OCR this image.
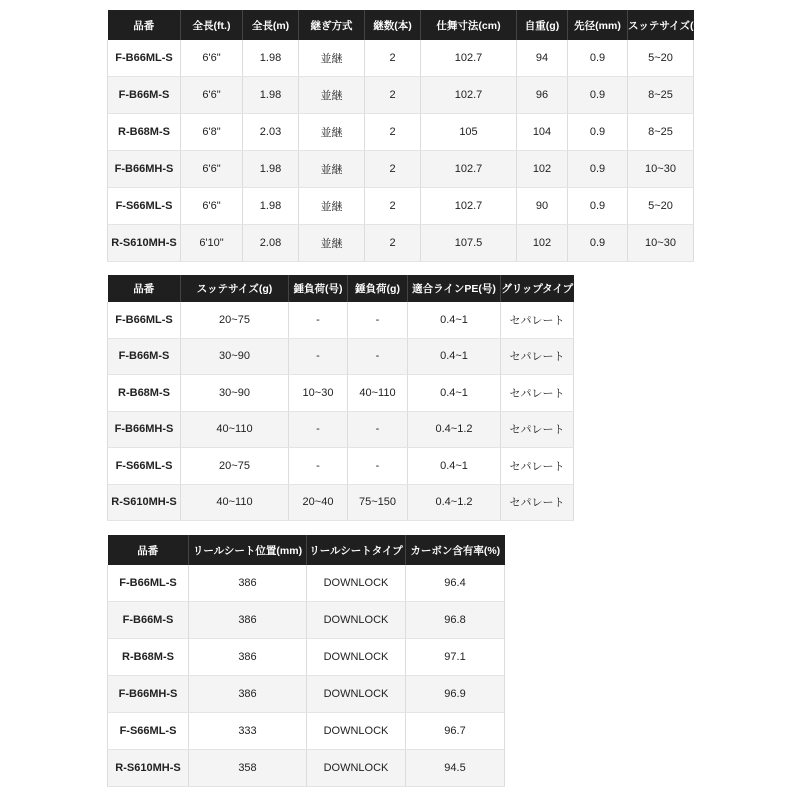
品番	全長(ft.)	全長(m)	継ぎ方式	継数(本)	仕舞寸法(cm)	自重(g)	先径(mm)	スッテサイズ(号)
F-B66ML-S	6'6"	1.98	並継	2	102.7	94	0.9	5~20
F-B66M-S	6'6"	1.98	並継	2	102.7	96	0.9	8~25
R-B68M-S	6'8"	2.03	並継	2	105	104	0.9	8~25
F-B66MH-S	6'6"	1.98	並継	2	102.7	102	0.9	10~30
F-S66ML-S	6'6"	1.98	並継	2	102.7	90	0.9	5~20
R-S610MH-S	6'10"	2.08	並継	2	107.5	102	0.9	10~30
品番	スッテサイズ(g)	錘負荷(号)	錘負荷(g)	適合ラインPE(号)	グリップタイプ
F-B66ML-S	20~75	-	-	0.4~1	セパレート
F-B66M-S	30~90	-	-	0.4~1	セパレート
R-B68M-S	30~90	10~30	40~110	0.4~1	セパレート
F-B66MH-S	40~110	-	-	0.4~1.2	セパレート
F-S66ML-S	20~75	-	-	0.4~1	セパレート
R-S610MH-S	40~110	20~40	75~150	0.4~1.2	セパレート
品番	リールシート位置(mm)	リールシートタイプ	カーボン含有率(%)
F-B66ML-S	386	DOWNLOCK	96.4
F-B66M-S	386	DOWNLOCK	96.8
R-B68M-S	386	DOWNLOCK	97.1
F-B66MH-S	386	DOWNLOCK	96.9
F-S66ML-S	333	DOWNLOCK	96.7
R-S610MH-S	358	DOWNLOCK	94.5
